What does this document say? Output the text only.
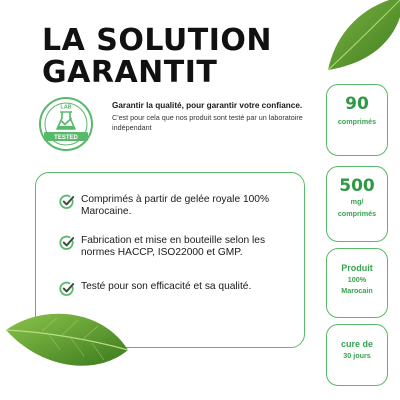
LA SOLUTION
GARANTIT
LAB
TESTED
Garantir la qualité, pour garantir votre confiance.
C'est pour cela que nos produit sont testé par un laboratoire indépendant
Comprimés à partir de gelée royale 100% Marocaine.
Fabrication et mise en bouteille selon les normes HACCP, ISO22000 et GMP.
Testé pour son efficacité et sa qualité.
90
comprimés
500
mg/
comprimés
Produit
100%
Marocain
cure de
30 jours
